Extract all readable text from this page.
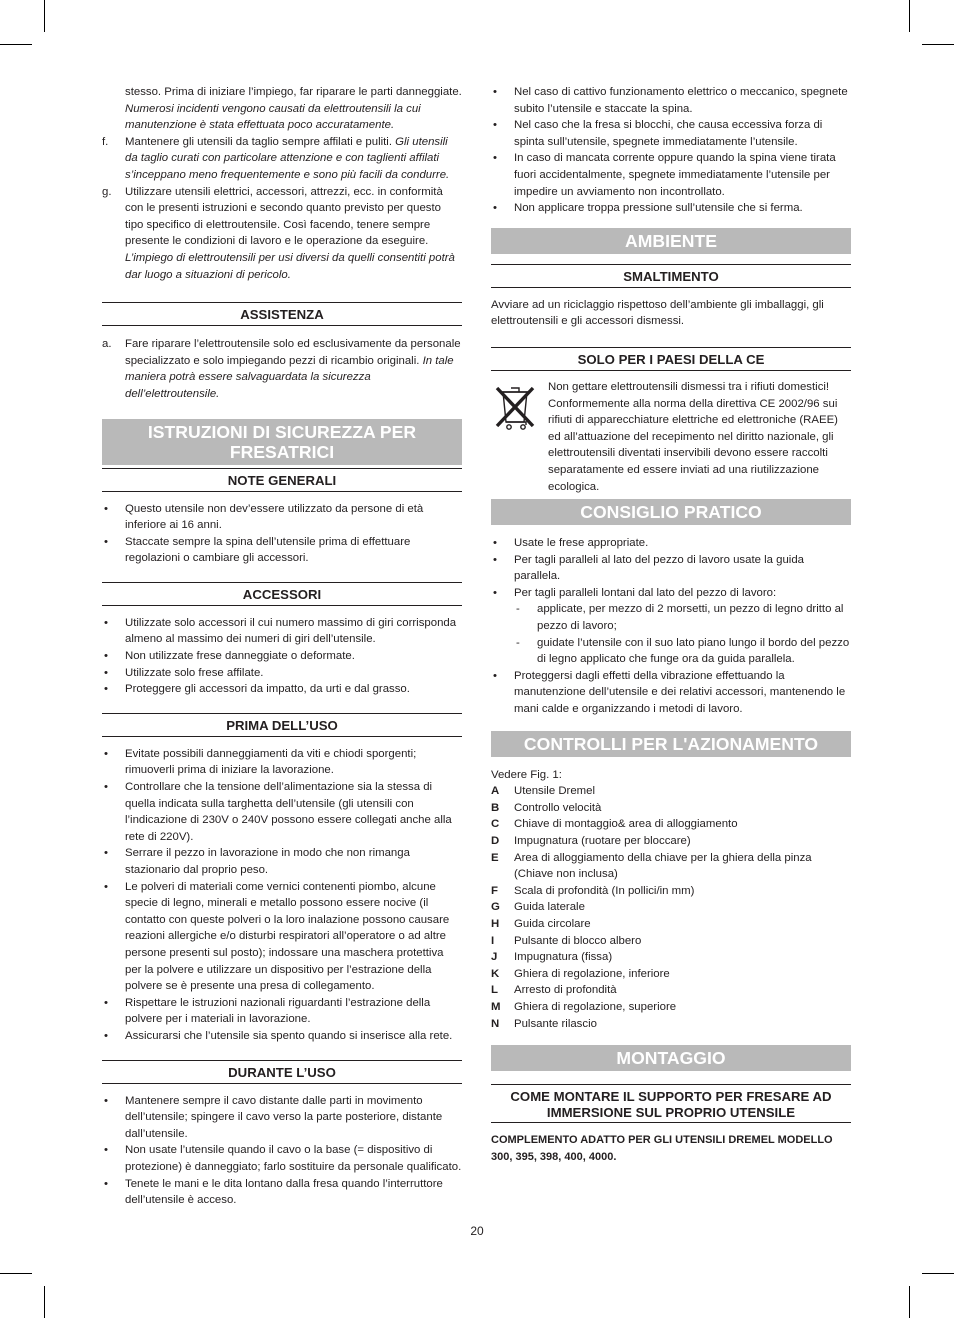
stesso. Prima di iniziare l’impiego, far riparare le parti danneggiate. Numerosi incidenti vengono causati da elettroutensili la cui manutenzione è stata effettuata poco accuratamente.

f. Mantenere gli utensili da taglio sempre affilati e puliti. Gli utensili da taglio curati con particolare attenzione e con taglienti affilati s’inceppano meno frequentemente e sono più facili da condurre.
g. Utilizzare utensili elettrici, accessori, attrezzi, ecc. in conformità con le presenti istruzioni e secondo quanto previsto per questo tipo specifico di elettroutensile. Così facendo, tenere sempre presente le condizioni di lavoro e le operazione da eseguire. L’impiego di elettroutensili per usi diversi da quelli consentiti potrà dar luogo a situazioni di pericolo.
ASSISTENZA
a. Fare riparare l’elettroutensile solo ed esclusivamente da personale specializzato e solo impiegando pezzi di ricambio originali. In tale maniera potrà essere salvaguardata la sicurezza dell’elettroutensile.
ISTRUZIONI DI SICUREZZA PER FRESATRICI
NOTE GENERALI
• Questo utensile non dev’essere utilizzato da persone di età inferiore ai 16 anni.
• Staccate sempre la spina dell’utensile prima di effettuare regolazioni o cambiare gli accessori.
ACCESSORI
• Utilizzate solo accessori il cui numero massimo di giri corrisponda almeno al massimo dei numeri di giri dell’utensile.
• Non utilizzate frese danneggiate o deformate.
• Utilizzate solo frese affilate.
• Proteggere gli accessori da impatto, da urti e dal grasso.
PRIMA DELL’USO
• Evitate possibili danneggiamenti da viti e chiodi sporgenti; rimuoverli prima di iniziare la lavorazione.
• Controllare che la tensione dell’alimentazione sia la stessa di quella indicata sulla targhetta dell’utensile (gli utensili con l’indicazione di 230V o 240V possono essere collegati anche alla rete di 220V).
• Serrare il pezzo in lavorazione in modo che non rimanga stazionario dal proprio peso.
• Le polveri di materiali come vernici contenenti piombo, alcune specie di legno, minerali e metallo possono essere nocive (il contatto con queste polveri o la loro inalazione possono causare reazioni allergiche e/o disturbi respiratori all’operatore o ad altre persone presenti sul posto); indossare una maschera protettiva per la polvere e utilizzare un dispositivo per l’estrazione della polvere se è presente una presa di collegamento.
• Rispettare le istruzioni nazionali riguardanti l’estrazione della polvere per i materiali in lavorazione.
• Assicurarsi che l’utensile sia spento quando si inserisce alla rete.
DURANTE L’USO
• Mantenere sempre il cavo distante dalle parti in movimento dell’utensile; spingere il cavo verso la parte posteriore, distante dall’utensile.
• Non usate l’utensile quando il cavo o la base (= dispositivo di protezione) è danneggiato; farlo sostituire da personale qualificato.
• Tenete le mani e le dita lontano dalla fresa quando l’interruttore dell’utensile è acceso.
• Nel caso di cattivo funzionamento elettrico o meccanico, spegnete subito l’utensile e staccate la spina.
• Nel caso che la fresa si blocchi, che causa eccessiva forza di spinta sull’utensile, spegnete immediatamente l’utensile.
• In caso di mancata corrente oppure quando la spina viene tirata fuori accidentalmente, spegnete immediatamente l’utensile per impedire un avviamento non incontrollato.
• Non applicare troppa pressione sull’utensile che si ferma.
AMBIENTE
SMALTIMENTO

Avviare ad un riciclaggio rispettoso dell’ambiente gli imballaggi, gli elettroutensili e gli accessori dismessi.

SOLO PER I PAESI DELLA CE

Non gettare elettroutensili dismessi tra i rifiuti domestici! Conformemente alla norma della direttiva CE 2002/96 sui rifiuti di apparecchiature elettriche ed elettroniche (RAEE) ed all’attuazione del recepimento nel diritto nazionale, gli elettroutensili diventati inservibili devono essere raccolti separatamente ed essere inviati ad una riutilizzazione ecologica.

CONSIGLIO PRATICO
• Usate le frese appropriate.
• Per tagli paralleli al lato del pezzo di lavoro usate la guida parallela.
• Per tagli paralleli lontani dal lato del pezzo di lavoro:
- applicate, per mezzo di 2 morsetti, un pezzo di legno dritto al pezzo di lavoro;
- guidate l’utensile con il suo lato piano lungo il bordo del pezzo di legno applicato che funge ora da guida parallela.
• Proteggersi dagli effetti della vibrazione effettuando la manutenzione dell’utensile e dei relativi accessori, mantenendo le mani calde e organizzando i metodi di lavoro.
CONTROLLI PER L'AZIONAMENTO

Vedere Fig. 1:

A Utensile Dremel
B Controllo velocità
C Chiave di montaggio& area di alloggiamento
D Impugnatura (ruotare per bloccare)
E Area di alloggiamento della chiave per la ghiera della pinza (Chiave non inclusa)
F Scala di profondità (In pollici/in mm)
G Guida laterale
H Guida circolare
I Pulsante di blocco albero
J Impugnatura (fissa)
K Ghiera di regolazione, inferiore
L Arresto di profondità
M Ghiera di regolazione, superiore
N Pulsante rilascio
MONTAGGIO
COME MONTARE IL SUPPORTO PER FRESARE AD IMMERSIONE SUL PROPRIO UTENSILE

COMPLEMENTO ADATTO PER GLI UTENSILI DREMEL MODELLO 300, 395, 398, 400, 4000.

20
